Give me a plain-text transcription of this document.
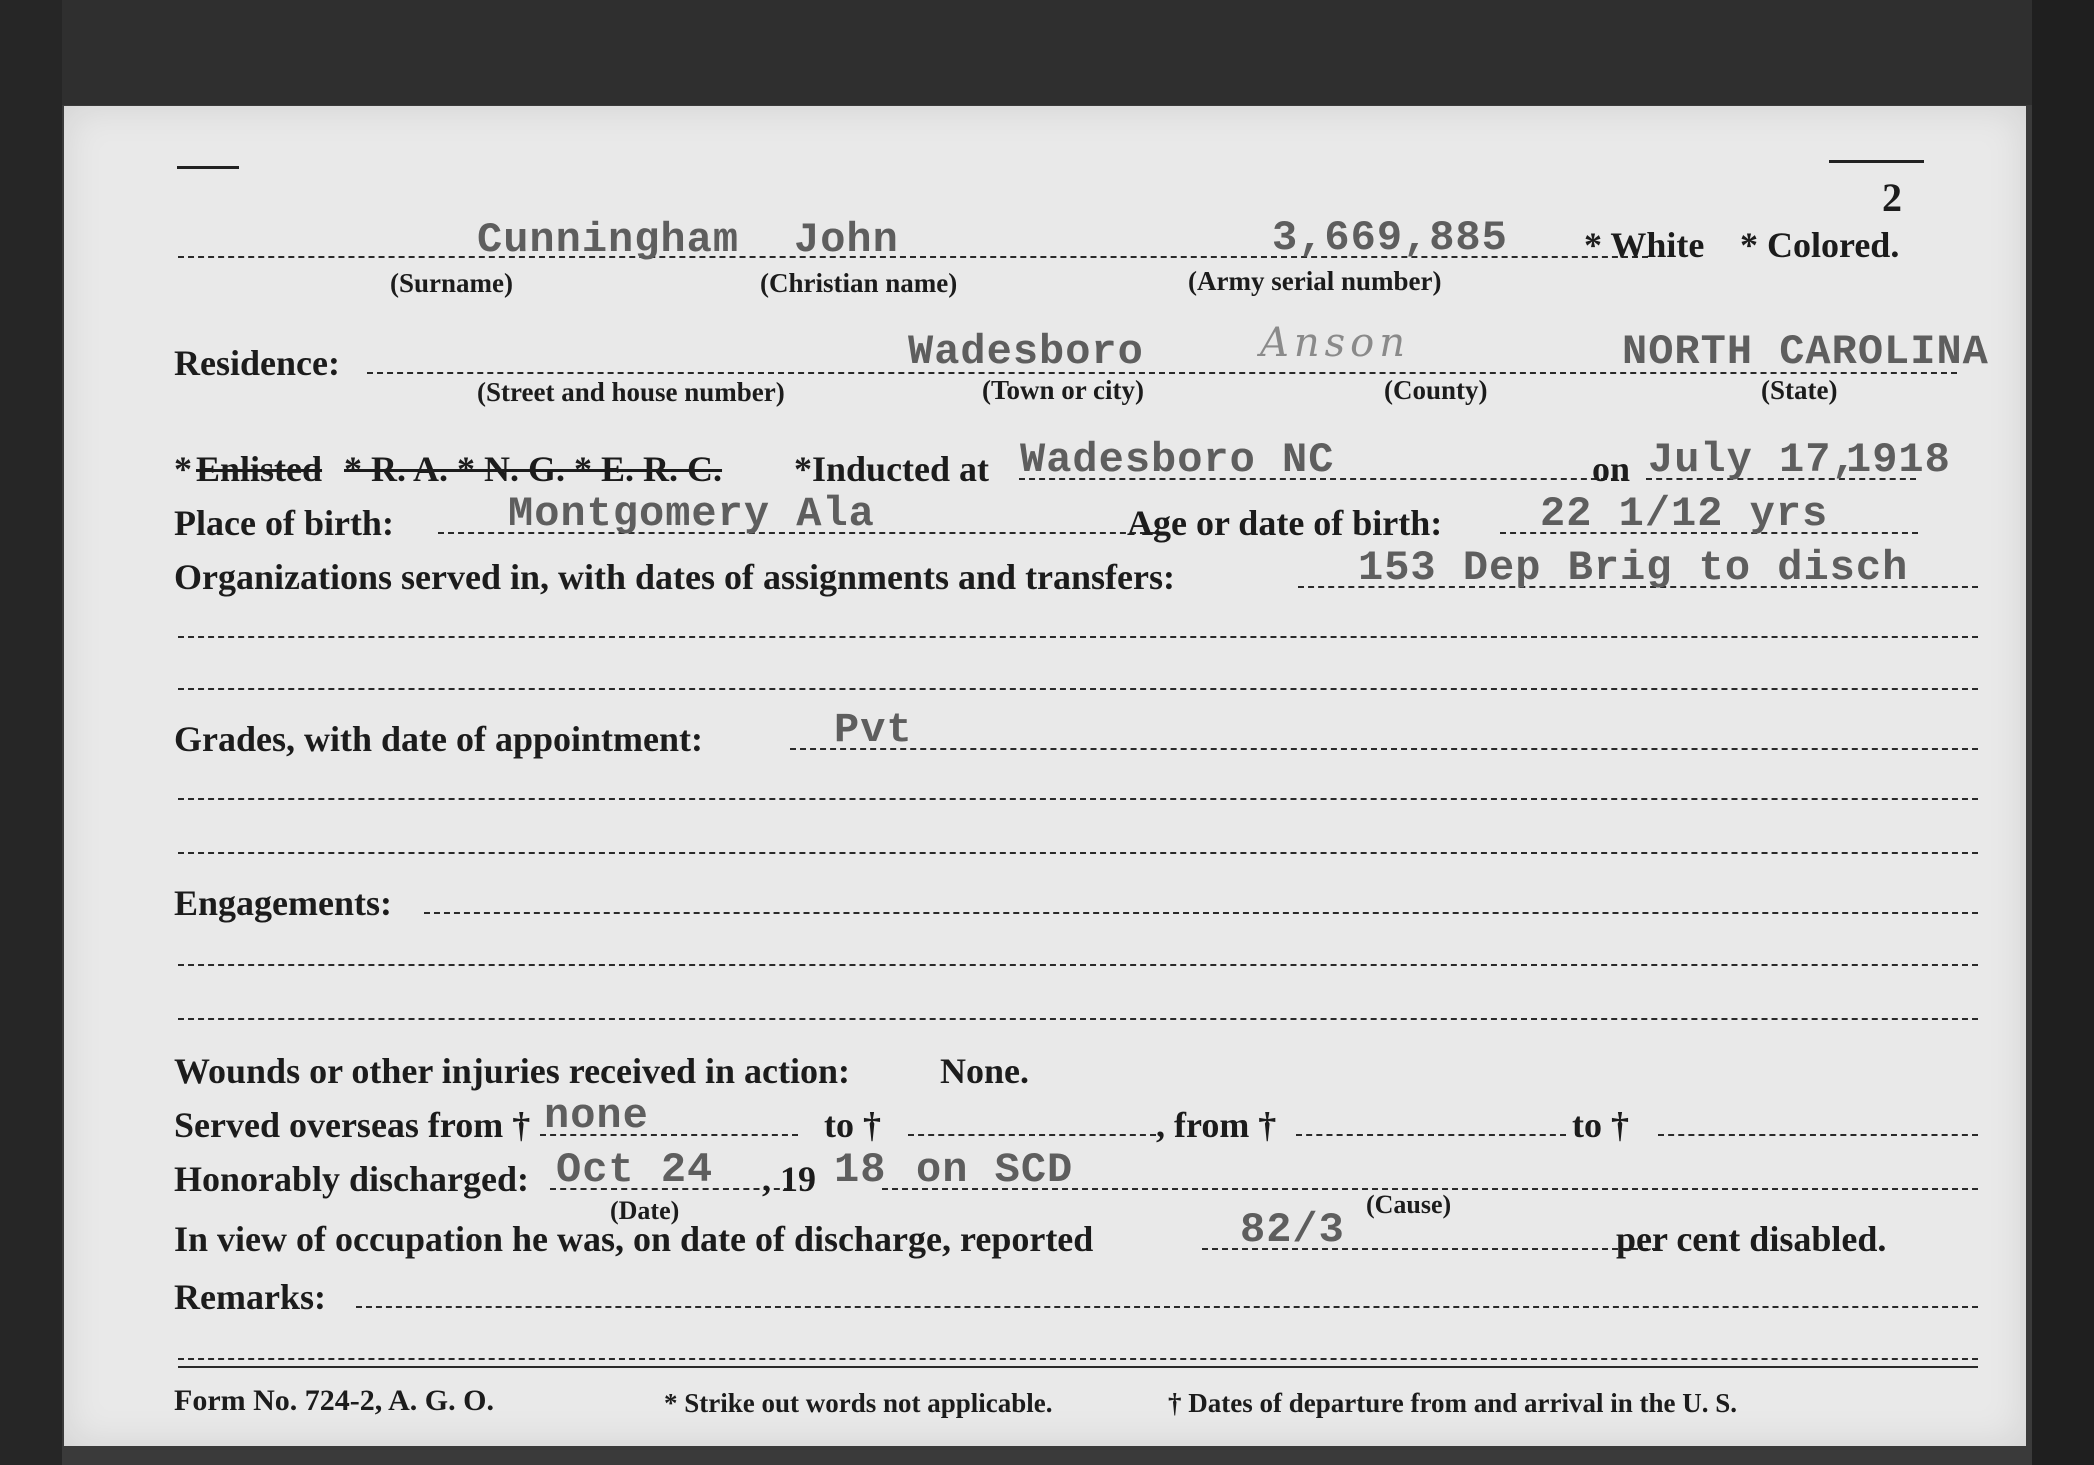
2
Cunningham John	3,669,885 * White * Colored.
(Surname)	(Christian name)	(Army serial number)
Residence:	Wadesboro	Anson	NORTH CAROLINA
(Street and house number)	(Town or city)	(County)	(State)
* Enlisted * R. A. * N. G. * E. R. C. *Inducted at Wadesboro NC	on July 17,
1918
Place of birth:	Montgomery Ala	Age or date of birth: 22 1/12 yrs
Organizations served in, with dates of assignments and transfers:	153 Dep Brig to disch
Grades, with date of appointment:	Pvt
Engagements:
Wounds or other injuries received in action: None.
Served overseas from † none	to †	, from †	to †
Honorably discharged: Oct 24 , 19 18 on SCD
(Date)	(Cause)
In view of occupation he was, on date of discharge, reported	82/3	per cent disabled.
Remarks:
Form No. 724-2, A. G. O.	* Strike out words not applicable.	† Dates of departure from and arrival in the U. S.
